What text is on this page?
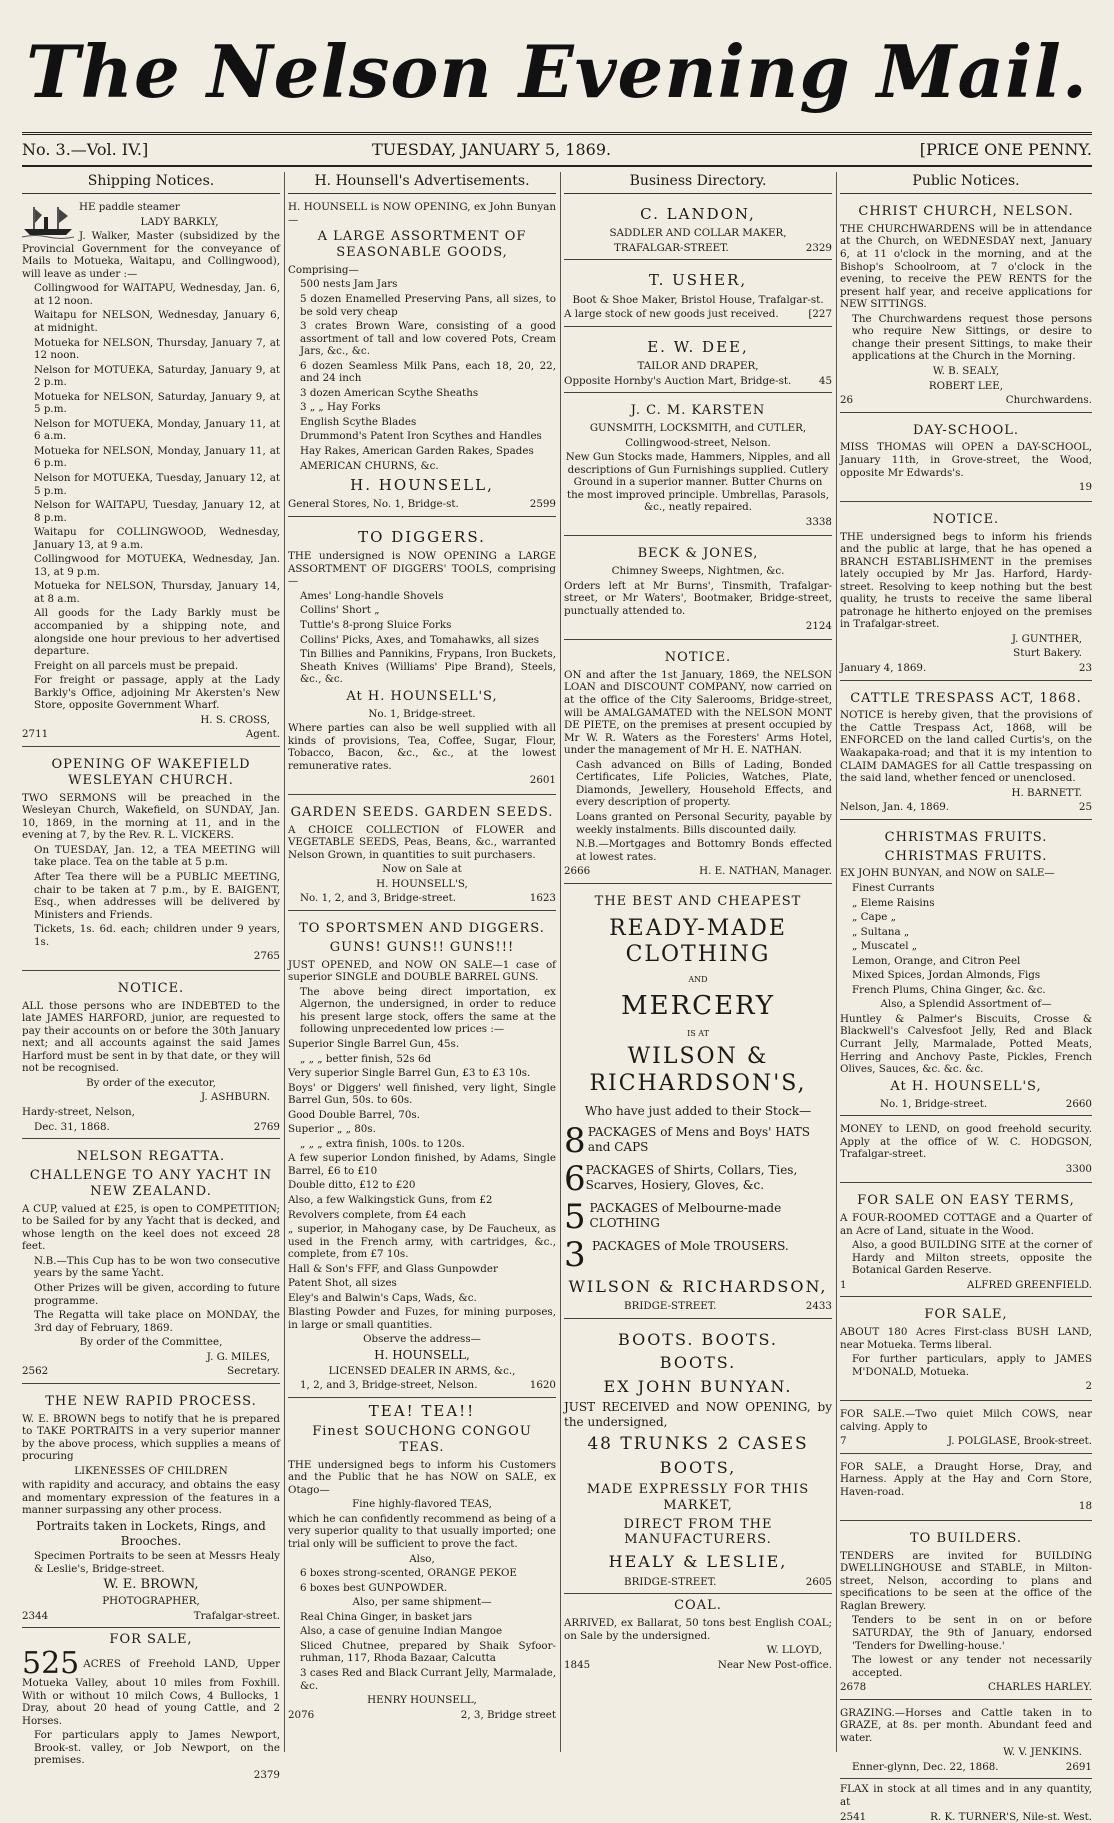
The Nelson Evening Mail.
No. 3.—Vol. IV.]	TUESDAY, JANUARY 5, 1869.	[PRICE ONE PENNY.
Shipping Notices.

HE paddle steamer

LADY BARKLY,

J. Walker, Master (subsidized by the Provincial Government for the conveyance of Mails to Motueka, Waitapu, and Collingwood), will leave as under :—

Collingwood for WAITAPU, Wednesday, Jan. 6, at 12 noon.

Waitapu for NELSON, Wednesday, January 6, at midnight.

Motueka for NELSON, Thursday, January 7, at 12 noon.

Nelson for MOTUEKA, Saturday, January 9, at 2 p.m.

Motueka for NELSON, Saturday, January 9, at 5 p.m.

Nelson for MOTUEKA, Monday, January 11, at 6 a.m.

Motueka for NELSON, Monday, January 11, at 6 p.m.

Nelson for MOTUEKA, Tuesday, January 12, at 5 p.m.

Nelson for WAITAPU, Tuesday, January 12, at 8 p.m.

Waitapu for COLLINGWOOD, Wednesday, January 13, at 9 a.m.

Collingwood for MOTUEKA, Wednesday, Jan. 13, at 9 p.m.

Motueka for NELSON, Thursday, January 14, at 8 a.m.

All goods for the Lady Barkly must be accompanied by a shipping note, and alongside one hour previous to her advertised departure.

Freight on all parcels must be prepaid.

For freight or passage, apply at the Lady Barkly's Office, adjoining Mr Akersten's New Store, opposite Government Wharf.

H. S. CROSS,

2711	Agent.
OPENING OF WAKEFIELD WESLEYAN CHURCH.

TWO SERMONS will be preached in the Wesleyan Church, Wakefield, on SUNDAY, Jan. 10, 1869, in the morning at 11, and in the evening at 7, by the Rev. R. L. VICKERS.

On TUESDAY, Jan. 12, a TEA MEETING will take place. Tea on the table at 5 p.m.

After Tea there will be a PUBLIC MEETING, chair to be taken at 7 p.m., by E. BAIGENT, Esq., when addresses will be delivered by Ministers and Friends.

Tickets, 1s. 6d. each; children under 9 years, 1s.

2765

NOTICE.

ALL those persons who are INDEBTED to the late JAMES HARFORD, junior, are requested to pay their accounts on or before the 30th January next; and all accounts against the said James Harford must be sent in by that date, or they will not be recognised.

By order of the executor,

J. ASHBURN.

Hardy-street, Nelson,

Dec. 31, 1868.	2769
NELSON REGATTA.
CHALLENGE TO ANY YACHT IN NEW ZEALAND.

A CUP, valued at £25, is open to COMPETITION; to be Sailed for by any Yacht that is decked, and whose length on the keel does not exceed 28 feet.

N.B.—This Cup has to be won two consecutive years by the same Yacht.

Other Prizes will be given, according to future programme.

The Regatta will take place on MONDAY, the 3rd day of February, 1869.

By order of the Committee,

J. G. MILES,

2562	Secretary.
THE NEW RAPID PROCESS.

W. E. BROWN begs to notify that he is prepared to TAKE PORTRAITS in a very superior manner by the above process, which supplies a means of procuring

LIKENESSES OF CHILDREN

with rapidity and accuracy, and obtains the easy and momentary expression of the features in a manner surpassing any other process.

Portraits taken in Lockets, Rings, and Brooches.

Specimen Portraits to be seen at Messrs Healy & Leslie's, Bridge-street.

W. E. BROWN,

PHOTOGRAPHER,

2344	Trafalgar-street.
FOR SALE,

525 ACRES of Freehold LAND, Upper Motueka Valley, about 10 miles from Foxhill. With or without 10 milch Cows, 4 Bullocks, 1 Dray, about 20 head of young Cattle, and 2 Horses.

For particulars apply to James Newport, Brook-st. valley, or Job Newport, on the premises.

2379

H. Hounsell's Advertisements.

H. HOUNSELL is NOW OPENING, ex John Bunyan—

A LARGE ASSORTMENT OF SEASONABLE GOODS,

Comprising—

500 nests Jam Jars

5 dozen Enamelled Preserving Pans, all sizes, to be sold very cheap

3 crates Brown Ware, consisting of a good assortment of tall and low covered Pots, Cream Jars, &c., &c.

6 dozen Seamless Milk Pans, each 18, 20, 22, and 24 inch

3 dozen American Scythe Sheaths

3 „ „ Hay Forks

English Scythe Blades

Drummond's Patent Iron Scythes and Handles

Hay Rakes, American Garden Rakes, Spades

AMERICAN CHURNS, &c.

H. HOUNSELL,
General Stores, No. 1, Bridge-st.	2599
TO DIGGERS.

THE undersigned is NOW OPENING a LARGE ASSORTMENT OF DIGGERS' TOOLS, comprising—

Ames' Long-handle Shovels

Collins' Short „

Tuttle's 8-prong Sluice Forks

Collins' Picks, Axes, and Tomahawks, all sizes

Tin Billies and Pannikins, Frypans, Iron Buckets, Sheath Knives (Williams' Pipe Brand), Steels, &c., &c.

At H. HOUNSELL'S,

No. 1, Bridge-street.

Where parties can also be well supplied with all kinds of provisions, Tea, Coffee, Sugar, Flour, Tobacco, Bacon, &c., &c., at the lowest remunerative rates.

2601

GARDEN SEEDS. GARDEN SEEDS.

A CHOICE COLLECTION of FLOWER and VEGETABLE SEEDS, Peas, Beans, &c., warranted Nelson Grown, in quantities to suit purchasers.

Now on Sale at

H. HOUNSELL'S,

No. 1, 2, and 3, Bridge-street.	1623
TO SPORTSMEN AND DIGGERS.
GUNS! GUNS!! GUNS!!!

JUST OPENED, and NOW ON SALE—1 case of superior SINGLE and DOUBLE BARREL GUNS.

The above being direct importation, ex Algernon, the undersigned, in order to reduce his present large stock, offers the same at the following unprecedented low prices :—

Superior Single Barrel Gun, 45s.

„ „ „ better finish, 52s 6d

Very superior Single Barrel Gun, £3 to £3 10s.

Boys' or Diggers' well finished, very light, Single Barrel Gun, 50s. to 60s.

Good Double Barrel, 70s.

Superior „ „ 80s.

„ „ „ extra finish, 100s. to 120s.

A few superior London finished, by Adams, Single Barrel, £6 to £10

Double ditto, £12 to £20

Also, a few Walkingstick Guns, from £2

Revolvers complete, from £4 each

„ superior, in Mahogany case, by De Faucheux, as used in the French army, with cartridges, &c., complete, from £7 10s.

Hall & Son's FFF, and Glass Gunpowder

Patent Shot, all sizes

Eley's and Balwin's Caps, Wads, &c.

Blasting Powder and Fuzes, for mining purposes, in large or small quantities.

Observe the address—

H. HOUNSELL,

LICENSED DEALER IN ARMS, &c.,

1, 2, and 3, Bridge-street, Nelson.	1620
TEA! TEA!!
Finest SOUCHONG CONGOU TEAS.

THE undersigned begs to inform his Customers and the Public that he has NOW on SALE, ex Otago—

Fine highly-flavored TEAS,

which he can confidently recommend as being of a very superior quality to that usually imported; one trial only will be sufficient to prove the fact.

Also,

6 boxes strong-scented, ORANGE PEKOE

6 boxes best GUNPOWDER.

Also, per same shipment—

Real China Ginger, in basket jars

Also, a case of genuine Indian Mangoe

Sliced Chutnee, prepared by Shaik Syfoor-ruhman, 117, Rhoda Bazaar, Calcutta

3 cases Red and Black Currant Jelly, Marmalade, &c.

HENRY HOUNSELL,

2076	2, 3, Bridge street
Business Directory.
C. LANDON,

SADDLER AND COLLAR MAKER,

TRAFALGAR-STREET.	2329
T. USHER,

Boot & Shoe Maker, Bristol House, Trafalgar-st.

A large stock of new goods just received.	[227
E. W. DEE,

TAILOR AND DRAPER,

Opposite Hornby's Auction Mart, Bridge-st.	45
J. C. M. KARSTEN

GUNSMITH, LOCKSMITH, and CUTLER,

Collingwood-street, Nelson.

New Gun Stocks made, Hammers, Nipples, and all descriptions of Gun Furnishings supplied. Cutlery Ground in a superior manner. Butter Churns on the most improved principle. Umbrellas, Parasols, &c., neatly repaired.

3338

BECK & JONES,

Chimney Sweeps, Nightmen, &c.

Orders left at Mr Burns', Tinsmith, Trafalgar-street, or Mr Waters', Bootmaker, Bridge-street, punctually attended to.

2124

NOTICE.

ON and after the 1st January, 1869, the NELSON LOAN and DISCOUNT COMPANY, now carried on at the office of the City Salerooms, Bridge-street, will be AMALGAMATED with the NELSON MONT DE PIETE, on the premises at present occupied by Mr W. R. Waters as the Foresters' Arms Hotel, under the management of Mr H. E. NATHAN.

Cash advanced on Bills of Lading, Bonded Certificates, Life Policies, Watches, Plate, Diamonds, Jewellery, Household Effects, and every description of property.

Loans granted on Personal Security, payable by weekly instalments. Bills discounted daily.

N.B.—Mortgages and Bottomry Bonds effected at lowest rates.

2666	H. E. NATHAN, Manager.
THE BEST AND CHEAPEST
READY-MADE CLOTHING

AND

MERCERY

IS AT

WILSON & RICHARDSON'S,

Who have just added to their Stock—

8 PACKAGES of Mens and Boys' HATS and CAPS
6 PACKAGES of Shirts, Collars, Ties, Scarves, Hosiery, Gloves, &c.
5 PACKAGES of Melbourne-made CLOTHING
3 PACKAGES of Mole TROUSERS.
WILSON & RICHARDSON,
BRIDGE-STREET.	2433
BOOTS. BOOTS.
BOOTS.
EX JOHN BUNYAN.

JUST RECEIVED and NOW OPENING, by the undersigned,

48 TRUNKS 2 CASES
BOOTS,
MADE EXPRESSLY FOR THIS MARKET,
DIRECT FROM THE MANUFACTURERS.
HEALY & LESLIE,
BRIDGE-STREET.	2605
COAL.

ARRIVED, ex Ballarat, 50 tons best English COAL; on Sale by the undersigned.

W. LLOYD,

1845	Near New Post-office.
Public Notices.
CHRIST CHURCH, NELSON.

THE CHURCHWARDENS will be in attendance at the Church, on WEDNESDAY next, January 6, at 11 o'clock in the morning, and at the Bishop's Schoolroom, at 7 o'clock in the evening, to receive the PEW RENTS for the present half year, and receive applications for NEW SITTINGS.

The Churchwardens request those persons who require New Sittings, or desire to change their present Sittings, to make their applications at the Church in the Morning.

W. B. SEALY,

ROBERT LEE,

26	Churchwardens.
DAY-SCHOOL.

MISS THOMAS will OPEN a DAY-SCHOOL, January 11th, in Grove-street, the Wood, opposite Mr Edwards's.

19

NOTICE.

THE undersigned begs to inform his friends and the public at large, that he has opened a BRANCH ESTABLISHMENT in the premises lately occupied by Mr Jas. Harford, Hardy-street. Resolving to keep nothing but the best quality, he trusts to receive the same liberal patronage he hitherto enjoyed on the premises in Trafalgar-street.

J. GUNTHER,

Sturt Bakery.

January 4, 1869.	23
CATTLE TRESPASS ACT, 1868.

NOTICE is hereby given, that the provisions of the Cattle Trespass Act, 1868, will be ENFORCED on the land called Curtis's, on the Waakapaka-road; and that it is my intention to CLAIM DAMAGES for all Cattle trespassing on the said land, whether fenced or unenclosed.

H. BARNETT.

Nelson, Jan. 4, 1869.	25
CHRISTMAS FRUITS.
CHRISTMAS FRUITS.

EX JOHN BUNYAN, and NOW on SALE—

Finest Currants

„ Eleme Raisins

„ Cape „

„ Sultana „

„ Muscatel „

Lemon, Orange, and Citron Peel

Mixed Spices, Jordan Almonds, Figs

French Plums, China Ginger, &c. &c.

Also, a Splendid Assortment of—

Huntley & Palmer's Biscuits, Crosse & Blackwell's Calvesfoot Jelly, Red and Black Currant Jelly, Marmalade, Potted Meats, Herring and Anchovy Paste, Pickles, French Olives, Sauces, &c. &c. &c.

At H. HOUNSELL'S,
No. 1, Bridge-street.	2660

MONEY to LEND, on good freehold security. Apply at the office of W. C. HODGSON, Trafalgar-street.

3300

FOR SALE ON EASY TERMS,

A FOUR-ROOMED COTTAGE and a Quarter of an Acre of Land, situate in the Wood.

Also, a good BUILDING SITE at the corner of Hardy and Milton streets, opposite the Botanical Garden Reserve.

1	ALFRED GREENFIELD.
FOR SALE,

ABOUT 180 Acres First-class BUSH LAND, near Motueka. Terms liberal.

For further particulars, apply to JAMES M'DONALD, Motueka.

2

FOR SALE.—Two quiet Milch COWS, near calving. Apply to

7	J. POLGLASE, Brook-street.

FOR SALE, a Draught Horse, Dray, and Harness. Apply at the Hay and Corn Store, Haven-road.

18

TO BUILDERS.

TENDERS are invited for BUILDING DWELLINGHOUSE and STABLE, in Milton-street, Nelson, according to plans and specifications to be seen at the office of the Raglan Brewery.

Tenders to be sent in on or before SATURDAY, the 9th of January, endorsed 'Tenders for Dwelling-house.'

The lowest or any tender not necessarily accepted.

2678	CHARLES HARLEY.

GRAZING.—Horses and Cattle taken in to GRAZE, at 8s. per month. Abundant feed and water.

W. V. JENKINS.

Enner-glynn, Dec. 22, 1868.	2691

FLAX in stock at all times and in any quantity, at

2541	R. K. TURNER'S, Nile-st. West.
